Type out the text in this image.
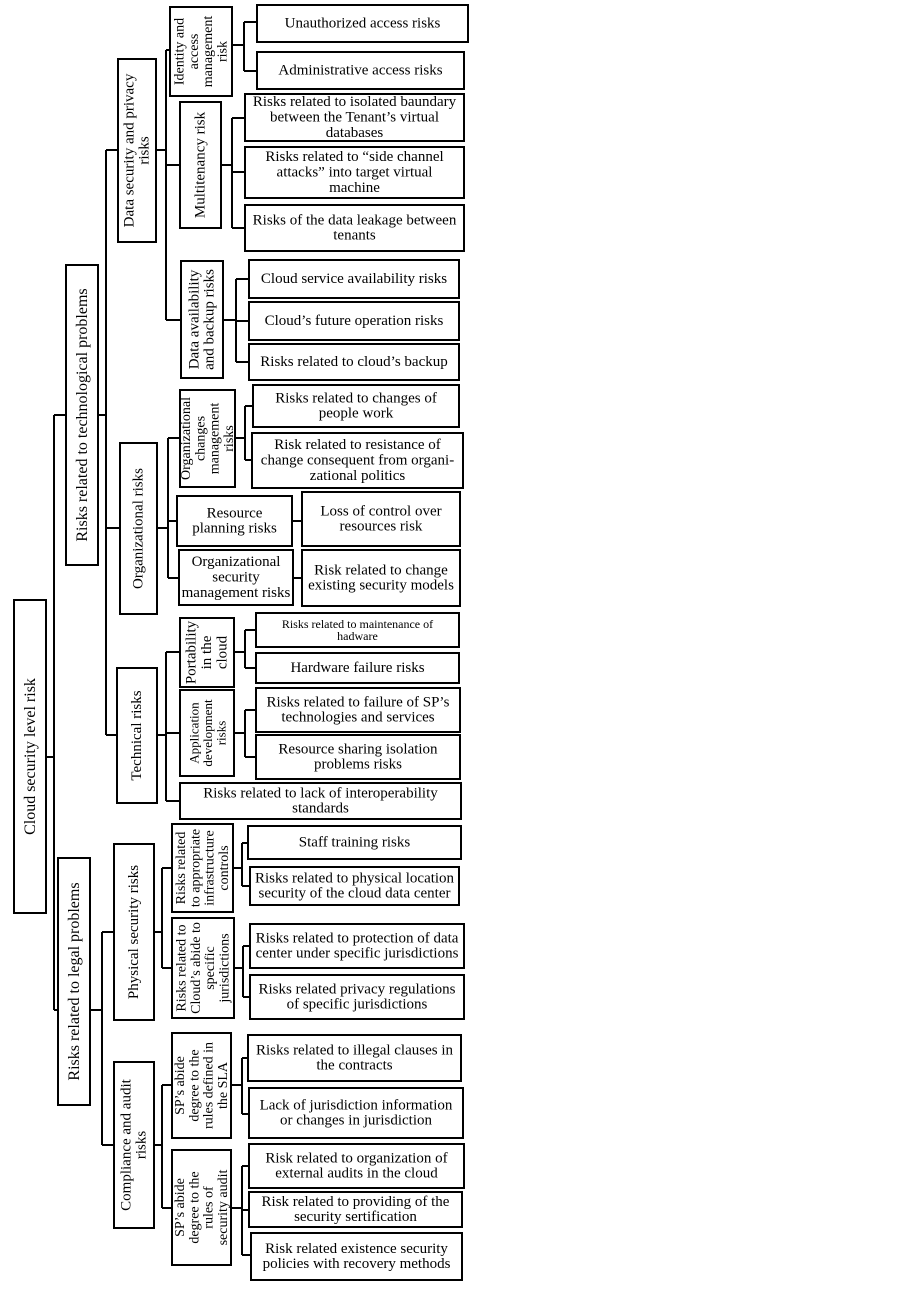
Cloud security level risk
Risks related to technological problems
Data security and privacyrisks
Identity andaccessmanagementrisk
Unauthorized access risks
Administrative access risks
Multitenancy risk
Risks related to isolated baundary between the Tenant’s virtual databases
Risks related to “side channel attacks” into target virtual machine
Risks of the data leakage between tenants
Data availabilityand backup risks	Cloud service availability risks
Cloud’s future operation risks
Risks related to cloud’s backup
Organizational risks
Organizationalchangesmanagementrisks
Risks related to changes of people work
Risk related to resistance of change consequent from organi-zational politics
Resource planning risks
Loss of control over resources risk
Organizational security management risks
Risk related to change existing security models
Technical risks
Portabilityin thecloud
Risks related to maintenance of hadware
Hardware failure risks
Applicationdevelopmentrisks
Risks related to failure of SP’s technologies and services
Resource sharing isolation problems risks
Risks related to lack of interoperability standards
Risks related to legal problems	Physical security risks Risks relatedto appropriateinfrastructurecontrols
Staff training risks
Risks related to physical location security of the cloud data center
Risks related toCloud’s abide tospecificjurisdictions Risks related to protection of data center under specific jurisdictions
Risks related privacy regulations of specific jurisdictions
Compliance and auditrisks
SP’s abidedegree to therules defined inthe SLA
Risks related to illegal clauses in the contracts
Lack of jurisdiction information or changes in jurisdiction
SP’s abidedegree to therules ofsecurity audit
Risk related to organization of external audits in the cloud
Risk related to providing of the security sertification
Risk related existence security policies with recovery methods
